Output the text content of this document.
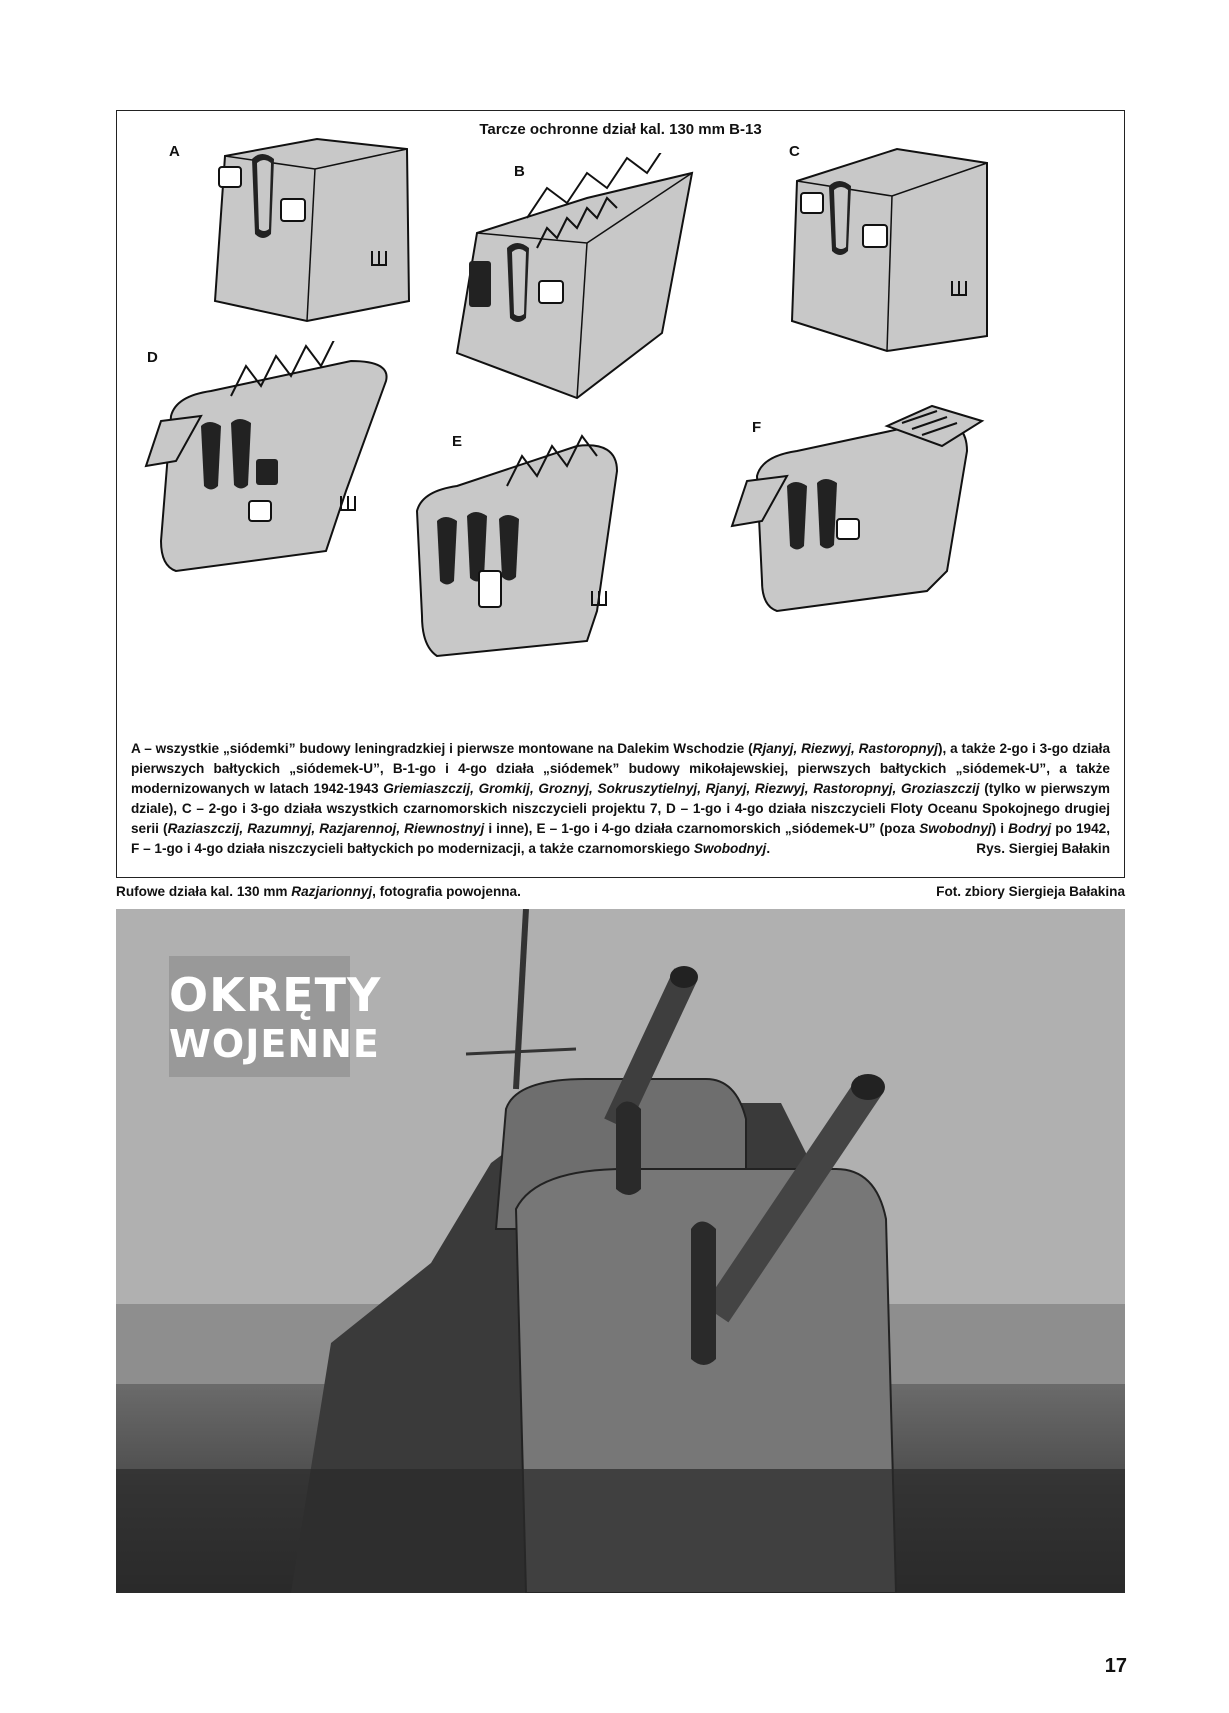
Tarcze ochronne dział kal. 130 mm B-13
A
B
C
D
E
F
A – wszystkie „siódemki” budowy leningradzkiej i pierwsze montowane na Dalekim Wschodzie (Rjanyj, Riezwyj, Rastoropnyj), a także 2-go i 3-go działa pierwszych bałtyckich „siódemek-U”, B-1-go i 4-go działa „siódemek” budowy mikołajewskiej, pierwszych bałtyckich „siódemek-U”, a także modernizowanych w latach 1942-1943 Griemiaszczij, Gromkij, Groznyj, Sokruszytielnyj, Rjanyj, Riezwyj, Rastoropnyj, Groziaszczij (tylko w pierwszym dziale), C – 2-go i 3-go działa wszystkich czarnomorskich niszczycieli projektu 7, D – 1-go i 4-go działa niszczycieli Floty Oceanu Spokojnego drugiej serii (Raziaszczij, Razumnyj, Razjarennoj, Riewnostnyj i inne), E – 1-go i 4-go działa czarnomorskich „siódemek-U” (poza Swobodnyj) i Bodryj po 1942, F – 1-go i 4-go działa niszczycieli bałtyckich po modernizacji, a także czarnomorskiego Swobodnyj.	Rys. Siergiej Bałakin
Rufowe działa kal. 130 mm Razjarionnyj, fotografia powojenna.	Fot. zbiory Siergieja Bałakina
OKRĘTY
WOJENNE
17
